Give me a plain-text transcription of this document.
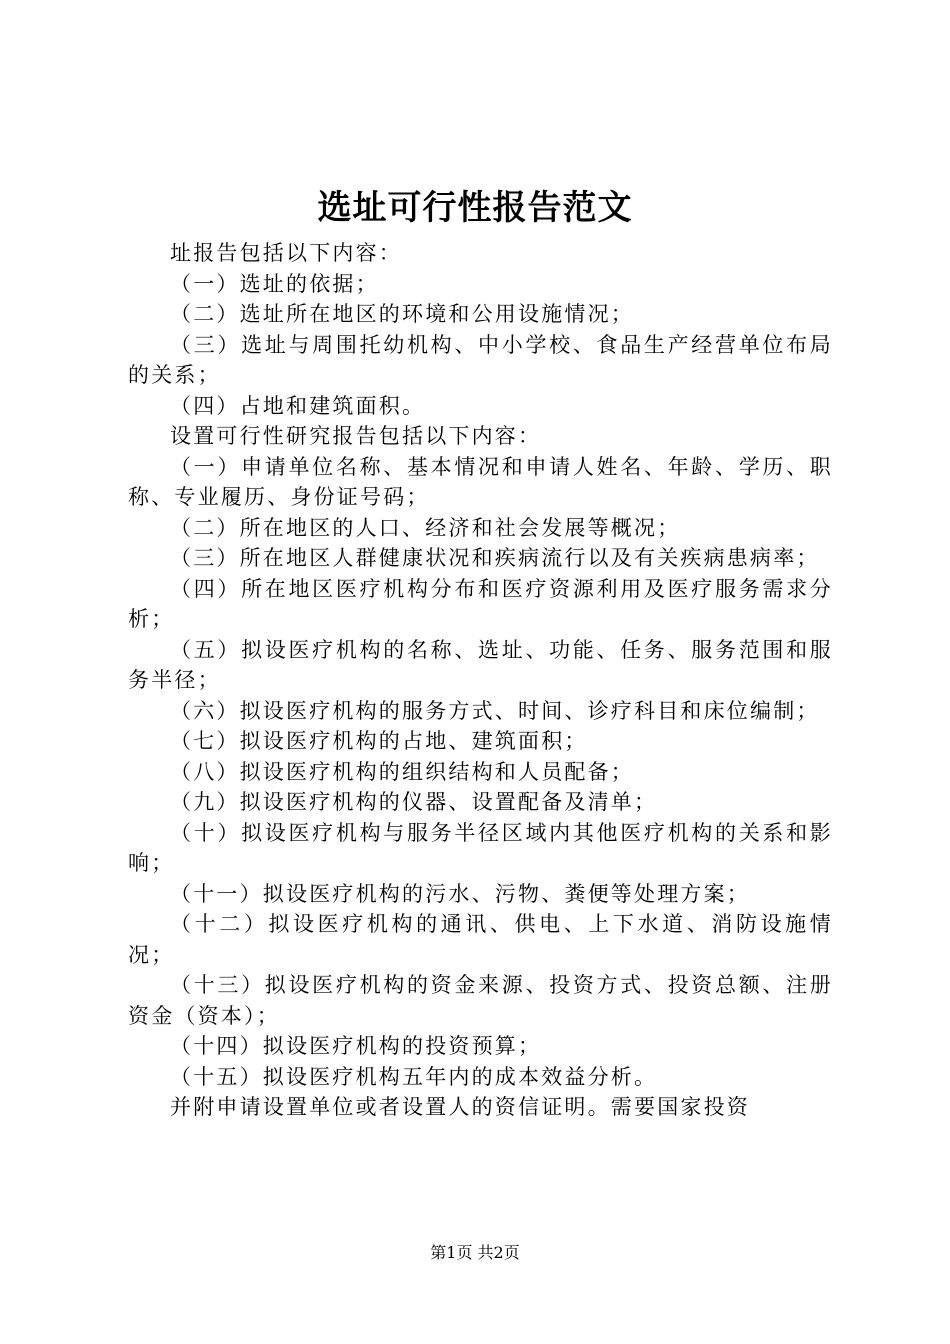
选址可行性报告范文

址报告包括以下内容：

（一）选址的依据；

（二）选址所在地区的环境和公用设施情况；

（三）选址与周围托幼机构、中小学校、食品生产经营单位布局的关系；

（四）占地和建筑面积。

设置可行性研究报告包括以下内容：

（一）申请单位名称、基本情况和申请人姓名、年龄、学历、职称、专业履历、身份证号码；

（二）所在地区的人口、经济和社会发展等概况；

（三）所在地区人群健康状况和疾病流行以及有关疾病患病率；

（四）所在地区医疗机构分布和医疗资源利用及医疗服务需求分析；

（五）拟设医疗机构的名称、选址、功能、任务、服务范围和服务半径；

（六）拟设医疗机构的服务方式、时间、诊疗科目和床位编制；

（七）拟设医疗机构的占地、建筑面积；

（八）拟设医疗机构的组织结构和人员配备；

（九）拟设医疗机构的仪器、设置配备及清单；

（十）拟设医疗机构与服务半径区域内其他医疗机构的关系和影响；

（十一）拟设医疗机构的污水、污物、粪便等处理方案；

（十二）拟设医疗机构的通讯、供电、上下水道、消防设施情况；

（十三）拟设医疗机构的资金来源、投资方式、投资总额、注册资金（资本）；

（十四）拟设医疗机构的投资预算；

（十五）拟设医疗机构五年内的成本效益分析。

并附申请设置单位或者设置人的资信证明。需要国家投资

第1页 共2页
